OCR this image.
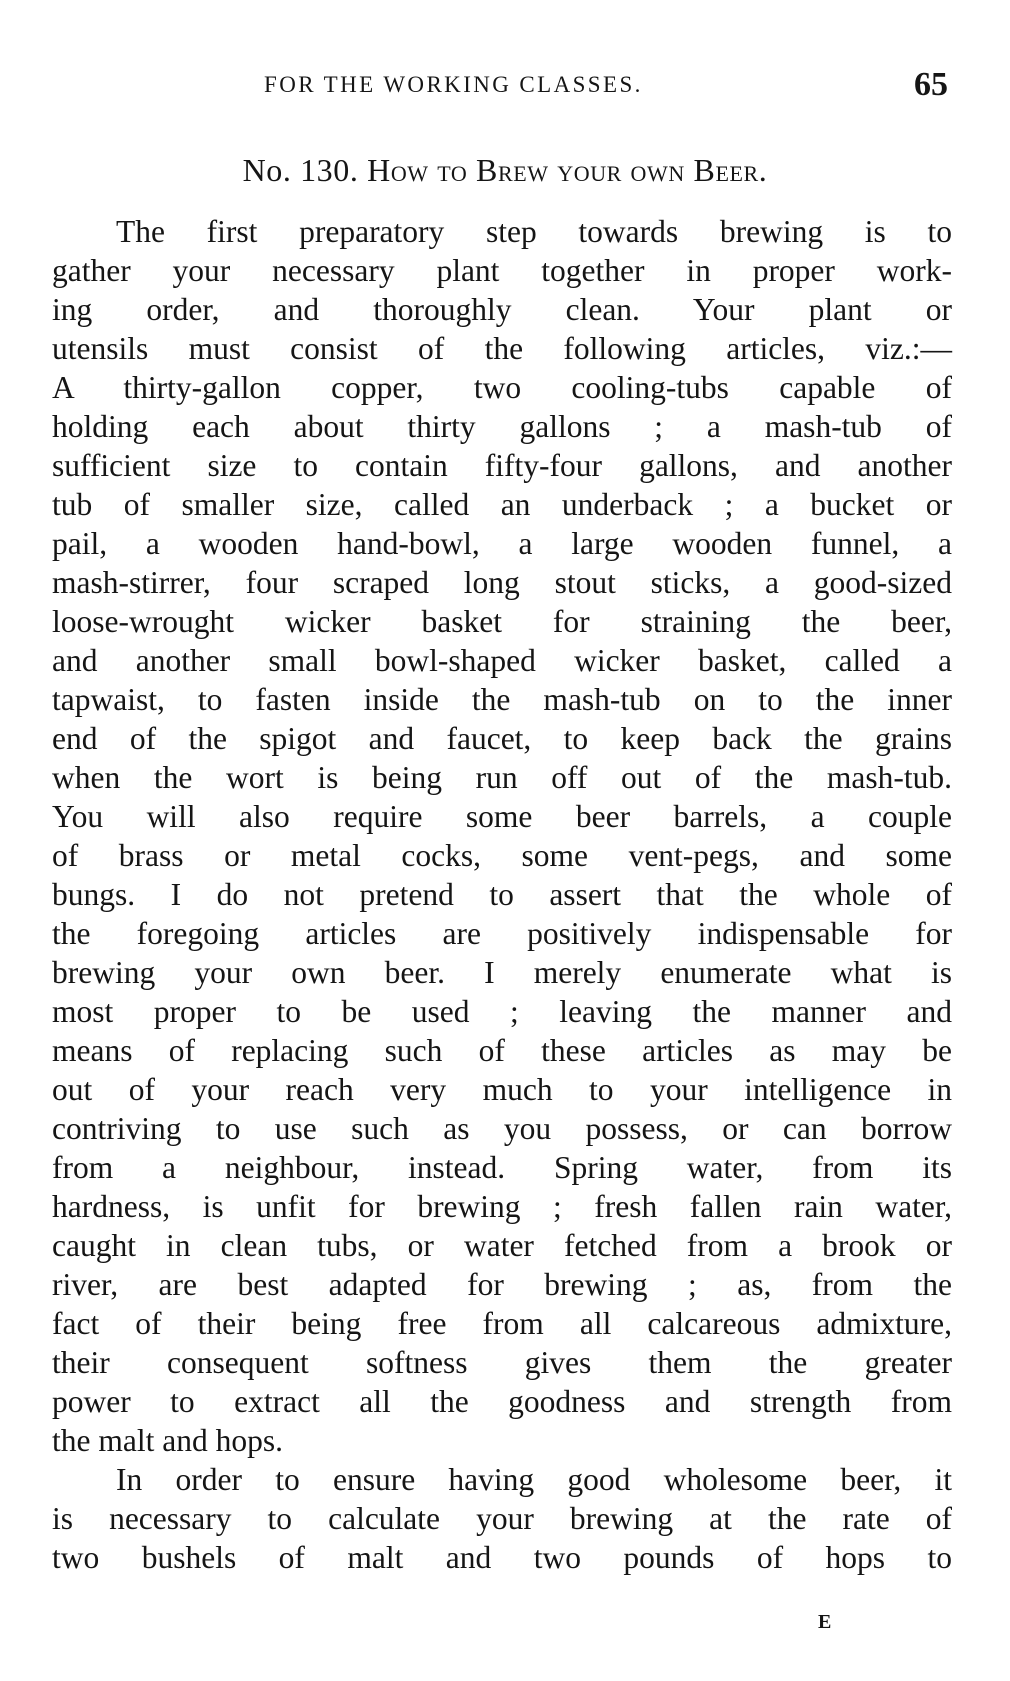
FOR THE WORKING CLASSES.	65
No. 130. How to Brew your own Beer.
The first preparatory step towards brewing is to
gather your necessary plant together in proper work-
ing order, and thoroughly clean. Your plant or
utensils must consist of the following articles, viz.:—
A thirty-gallon copper, two cooling-tubs capable of
holding each about thirty gallons ; a mash-tub of
sufficient size to contain fifty-four gallons, and another
tub of smaller size, called an underback ; a bucket or
pail, a wooden hand-bowl, a large wooden funnel, a
mash-stirrer, four scraped long stout sticks, a good-sized
loose-wrought wicker basket for straining the beer,
and another small bowl-shaped wicker basket, called a
tapwaist, to fasten inside the mash-tub on to the inner
end of the spigot and faucet, to keep back the grains
when the wort is being run off out of the mash-tub.
You will also require some beer barrels, a couple
of brass or metal cocks, some vent-pegs, and some
bungs. I do not pretend to assert that the whole of
the foregoing articles are positively indispensable for
brewing your own beer. I merely enumerate what is
most proper to be used ; leaving the manner and
means of replacing such of these articles as may be
out of your reach very much to your intelligence in
contriving to use such as you possess, or can borrow
from a neighbour, instead. Spring water, from its
hardness, is unfit for brewing ; fresh fallen rain water,
caught in clean tubs, or water fetched from a brook or
river, are best adapted for brewing ; as, from the
fact of their being free from all calcareous admixture,
their consequent softness gives them the greater
power to extract all the goodness and strength from
the malt and hops.
In order to ensure having good wholesome beer, it
is necessary to calculate your brewing at the rate of
two bushels of malt and two pounds of hops to
E
